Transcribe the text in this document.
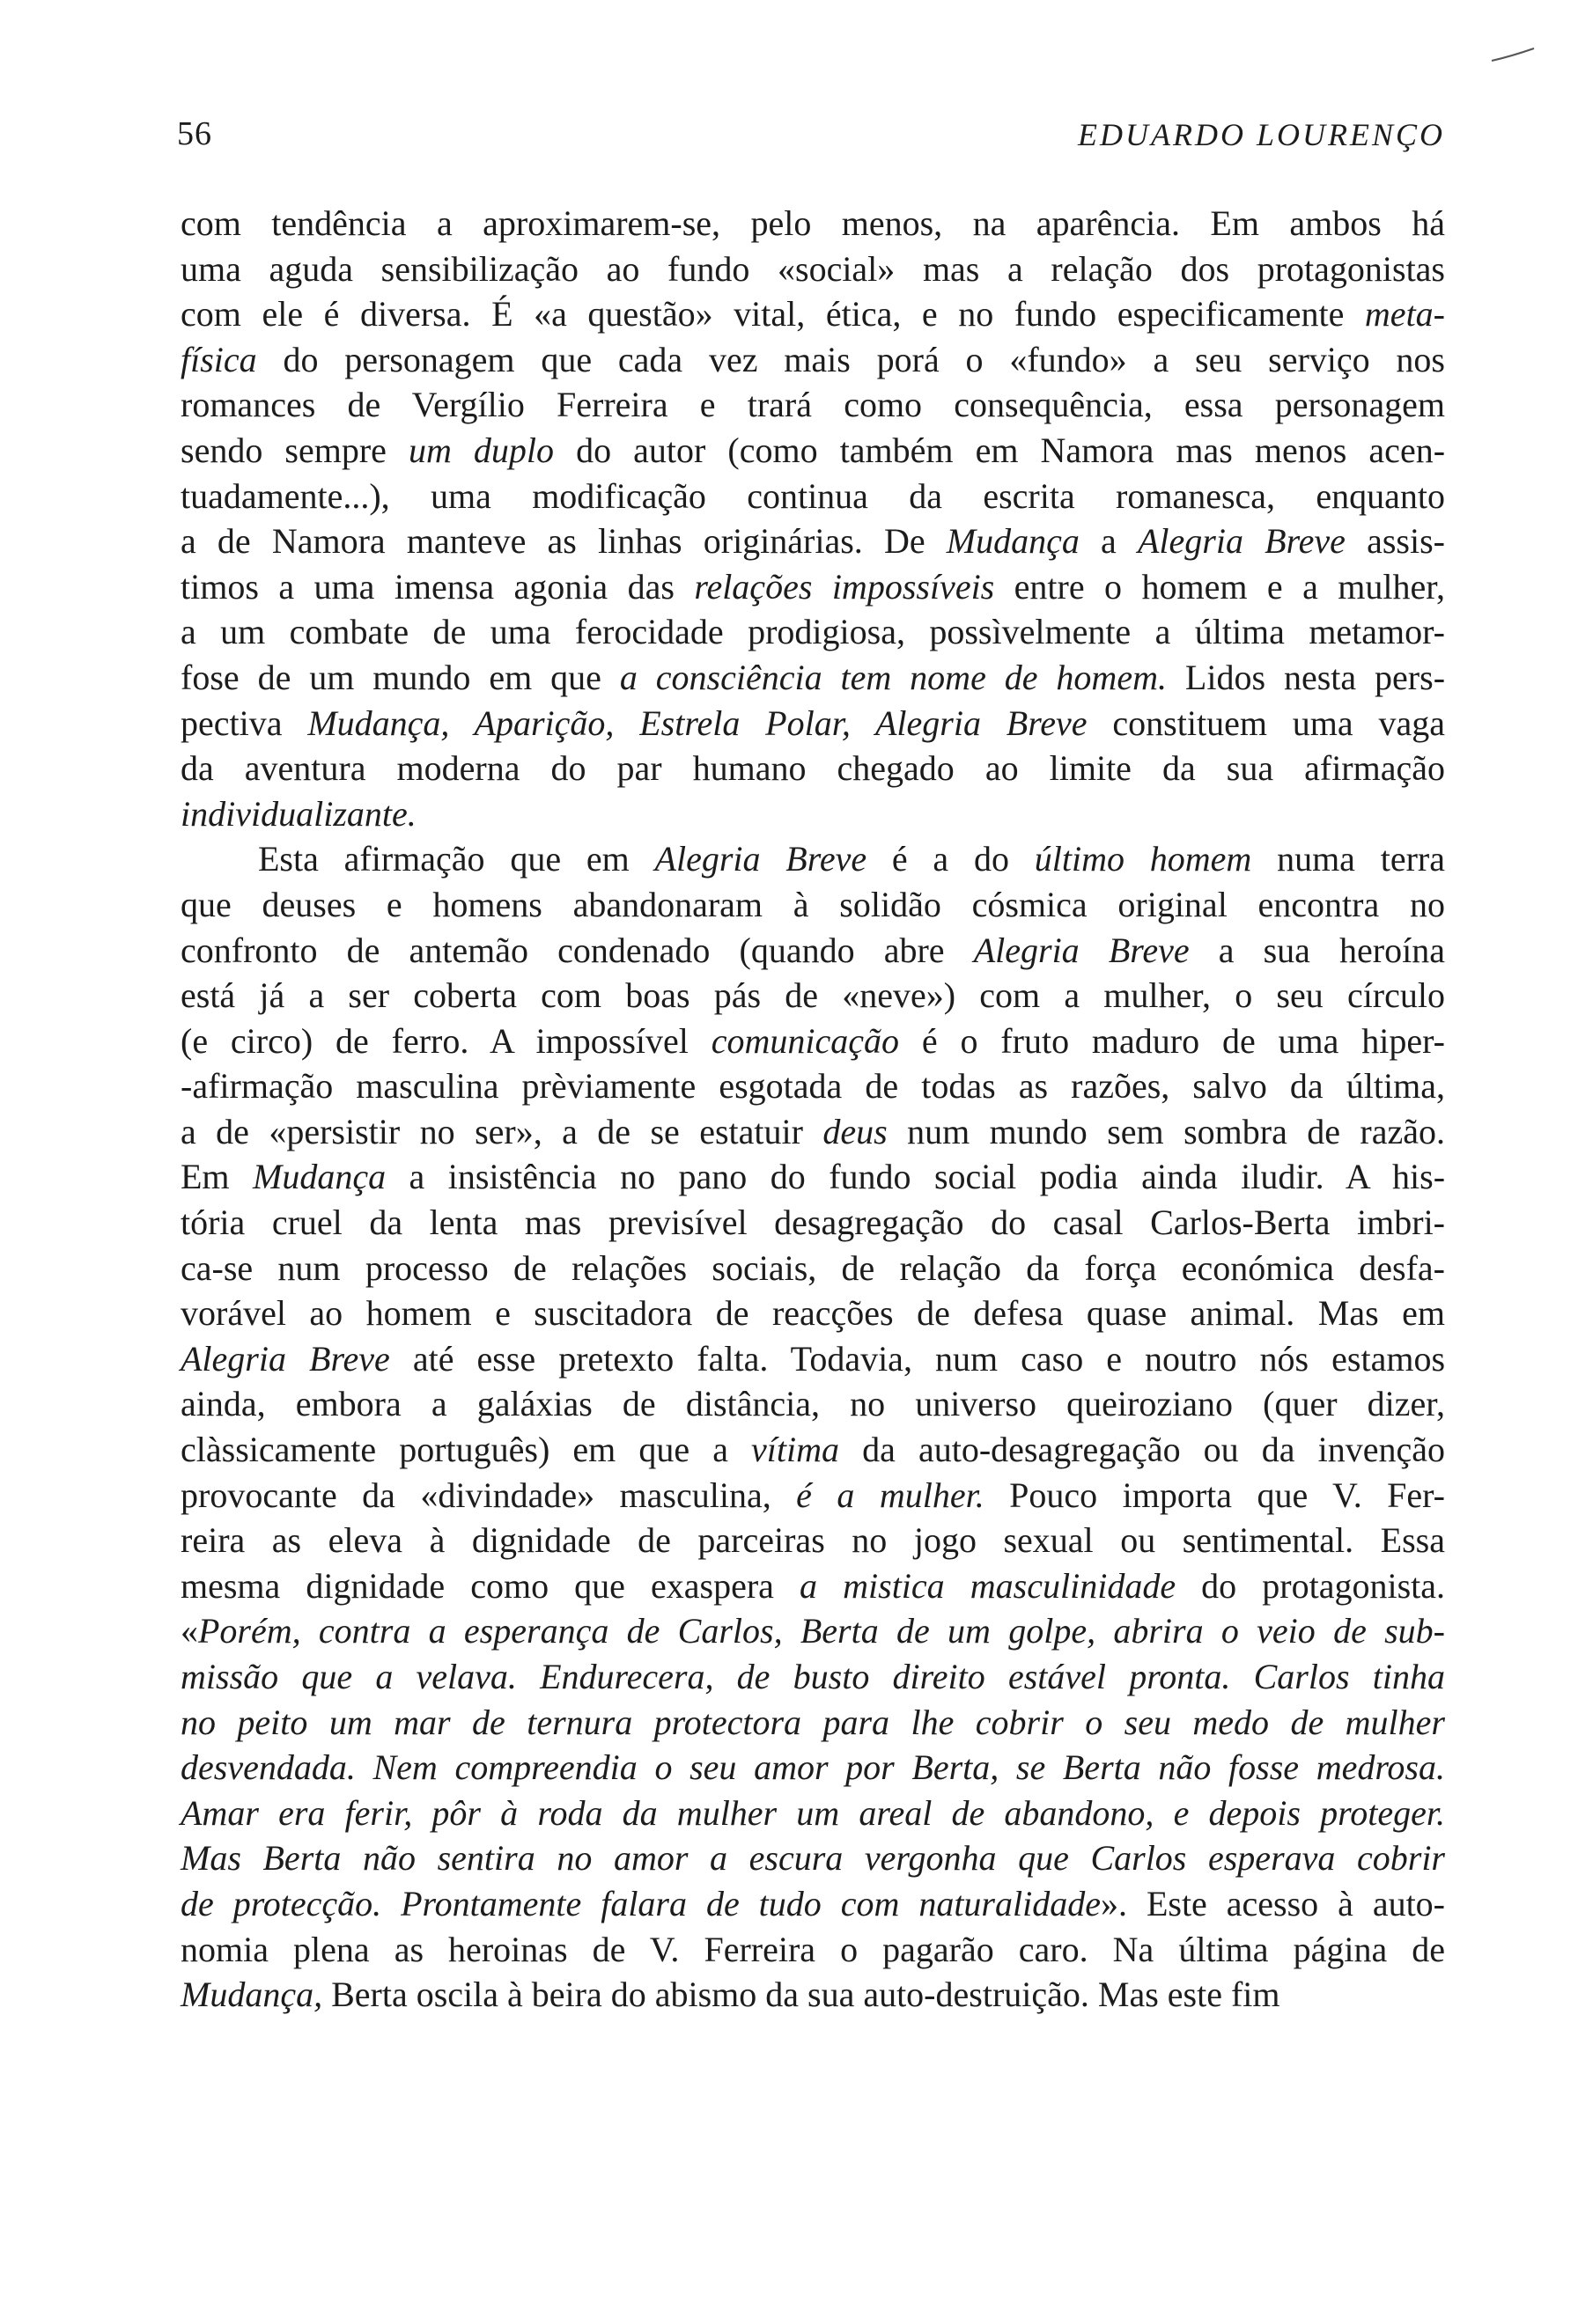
56	EDUARDO LOURENÇO
com tendência a aproximarem-se, pelo menos, na aparência. Em ambos há
uma aguda sensibilização ao fundo «social» mas a relação dos protagonistas
com ele é diversa. É «a questão» vital, ética, e no fundo especificamente meta-
física do personagem que cada vez mais porá o «fundo» a seu serviço nos
romances de Vergílio Ferreira e trará como consequência, essa personagem
sendo sempre um duplo do autor (como também em Namora mas menos acen-
tuadamente...), uma modificação continua da escrita romanesca, enquanto
a de Namora manteve as linhas originárias. De Mudança a Alegria Breve assis-
timos a uma imensa agonia das relações impossíveis entre o homem e a mulher,
a um combate de uma ferocidade prodigiosa, possìvelmente a última metamor-
fose de um mundo em que a consciência tem nome de homem. Lidos nesta pers-
pectiva Mudança, Aparição, Estrela Polar, Alegria Breve constituem uma vaga
da aventura moderna do par humano chegado ao limite da sua afirmação
individualizante.
Esta afirmação que em Alegria Breve é a do último homem numa terra
que deuses e homens abandonaram à solidão cósmica original encontra no
confronto de antemão condenado (quando abre Alegria Breve a sua heroína
está já a ser coberta com boas pás de «neve») com a mulher, o seu círculo
(e circo) de ferro. A impossível comunicação é o fruto maduro de uma hiper-
-afirmação masculina prèviamente esgotada de todas as razões, salvo da última,
a de «persistir no ser», a de se estatuir deus num mundo sem sombra de razão.
Em Mudança a insistência no pano do fundo social podia ainda iludir. A his-
tória cruel da lenta mas previsível desagregação do casal Carlos-Berta imbri-
ca-se num processo de relações sociais, de relação da força económica desfa-
vorável ao homem e suscitadora de reacções de defesa quase animal. Mas em
Alegria Breve até esse pretexto falta. Todavia, num caso e noutro nós estamos
ainda, embora a galáxias de distância, no universo queiroziano (quer dizer,
clàssicamente português) em que a vítima da auto-desagregação ou da invenção
provocante da «divindade» masculina, é a mulher. Pouco importa que V. Fer-
reira as eleva à dignidade de parceiras no jogo sexual ou sentimental. Essa
mesma dignidade como que exaspera a mistica masculinidade do protagonista.
«Porém, contra a esperança de Carlos, Berta de um golpe, abrira o veio de sub-
missão que a velava. Endurecera, de busto direito estável pronta. Carlos tinha
no peito um mar de ternura protectora para lhe cobrir o seu medo de mulher
desvendada. Nem compreendia o seu amor por Berta, se Berta não fosse medrosa.
Amar era ferir, pôr à roda da mulher um areal de abandono, e depois proteger.
Mas Berta não sentira no amor a escura vergonha que Carlos esperava cobrir
de protecção. Prontamente falara de tudo com naturalidade». Este acesso à auto-
nomia plena as heroinas de V. Ferreira o pagarão caro. Na última página de
Mudança, Berta oscila à beira do abismo da sua auto-destruição. Mas este fim
